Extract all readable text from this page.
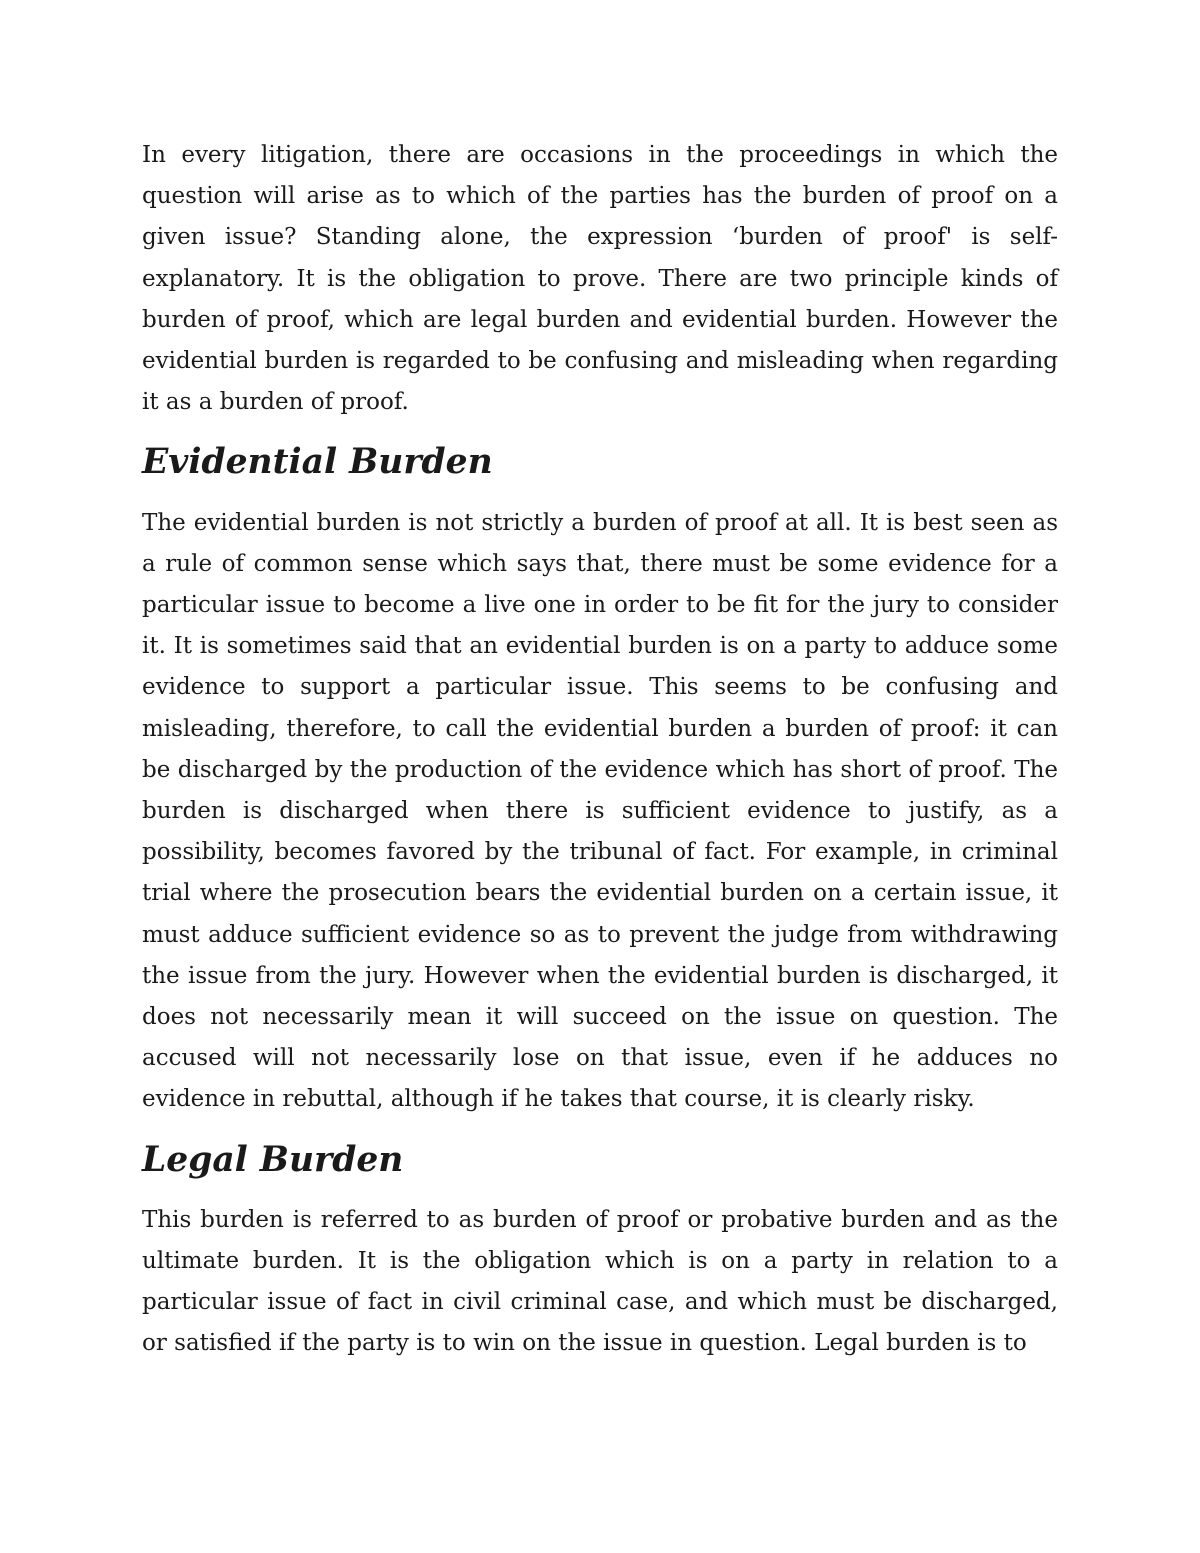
In every litigation, there are occasions in the proceedings in which the question will arise as to which of the parties has the burden of proof on a given issue? Standing alone, the expression ‘burden of proof' is self-explanatory. It is the obligation to prove. There are two principle kinds of burden of proof, which are legal burden and evidential burden. However the evidential burden is regarded to be confusing and misleading when regarding it as a burden of proof.

Evidential Burden

The evidential burden is not strictly a burden of proof at all. It is best seen as a rule of common sense which says that, there must be some evidence for a particular issue to become a live one in order to be fit for the jury to consider it. It is sometimes said that an evidential burden is on a party to adduce some evidence to support a particular issue. This seems to be confusing and misleading, therefore, to call the evidential burden a burden of proof: it can be discharged by the production of the evidence which has short of proof. The burden is discharged when there is sufficient evidence to justify, as a possibility, becomes favored by the tribunal of fact. For example, in criminal trial where the prosecution bears the evidential burden on a certain issue, it must adduce sufficient evidence so as to prevent the judge from withdrawing the issue from the jury. However when the evidential burden is discharged, it does not necessarily mean it will succeed on the issue on question. The accused will not necessarily lose on that issue, even if he adduces no evidence in rebuttal, although if he takes that course, it is clearly risky.

Legal Burden

This burden is referred to as burden of proof or probative burden and as the ultimate burden. It is the obligation which is on a party in relation to a particular issue of fact in civil criminal case, and which must be discharged, or satisfied if the party is to win on the issue in question. Legal burden is to
